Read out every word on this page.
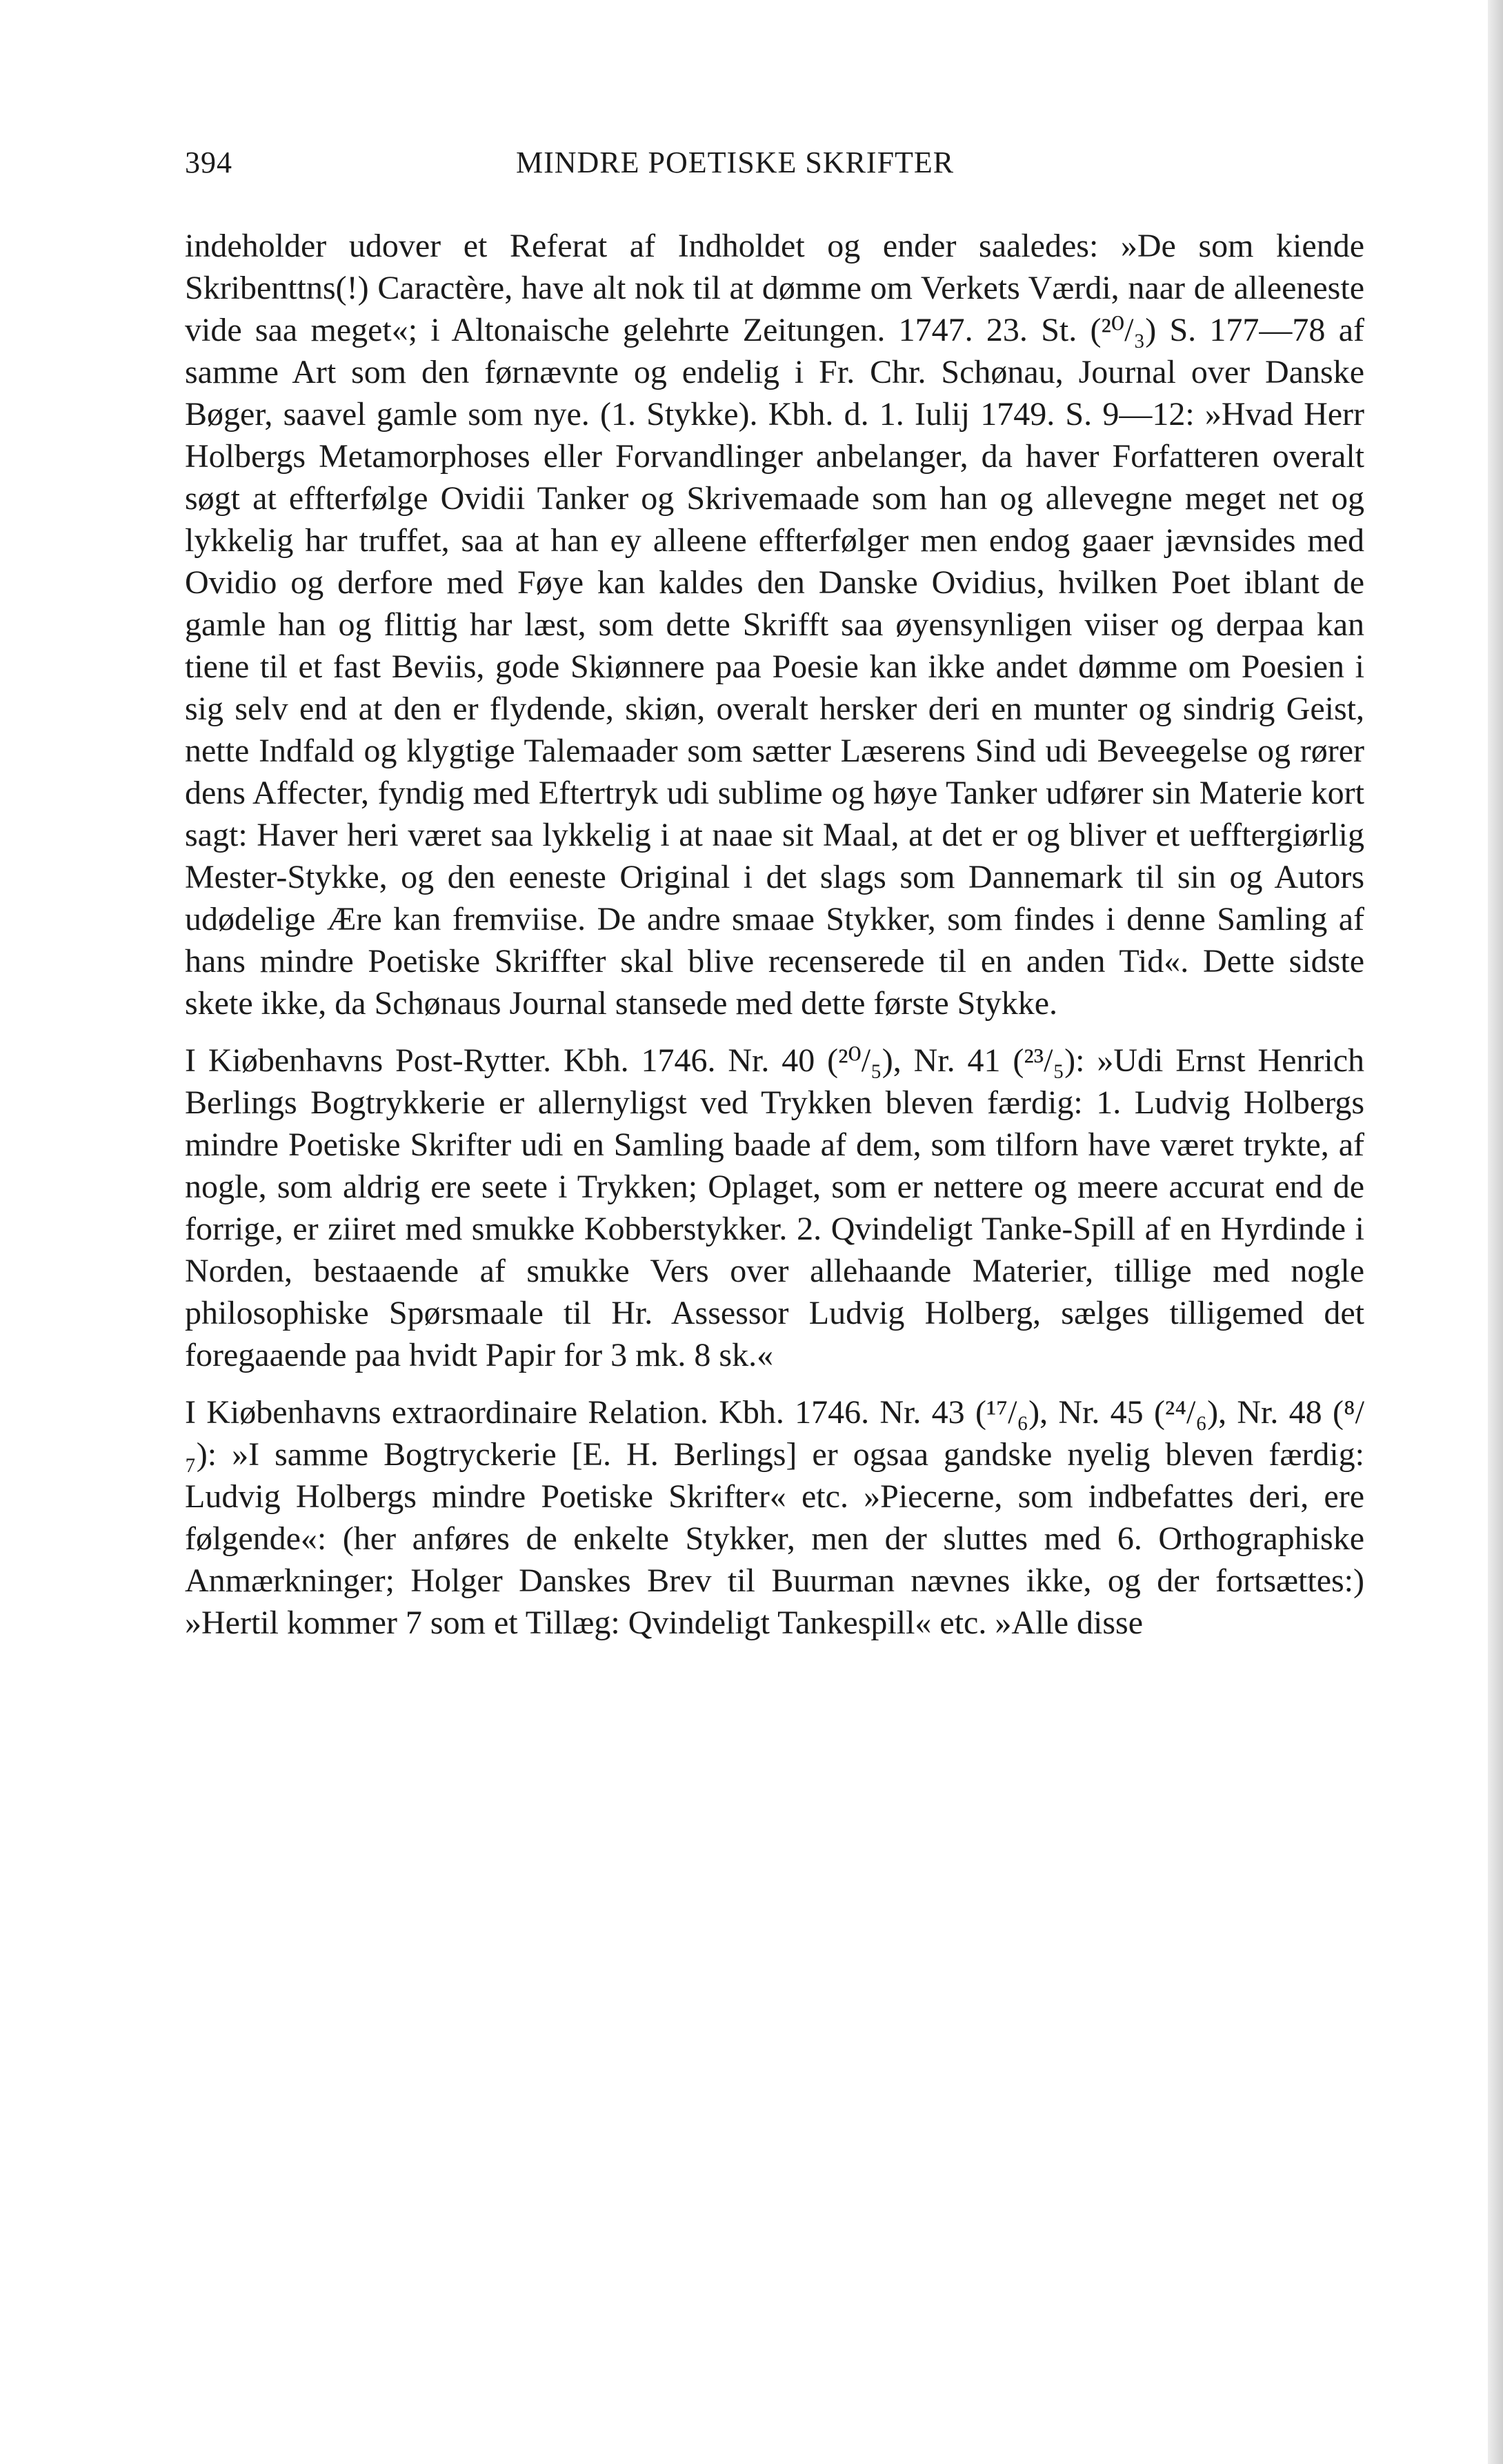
394	MINDRE POETISKE SKRIFTER

indeholder udover et Referat af Indholdet og ender saaledes: »De som kiende Skribenttns(!) Caractère, have alt nok til at dømme om Verkets Værdi, naar de alleeneste vide saa meget«; i Altonaische gelehrte Zeitungen. 1747. 23. St. (²⁰/₃) S. 177—78 af samme Art som den førnævnte og endelig i Fr. Chr. Schønau, Journal over Danske Bøger, saavel gamle som nye. (1. Stykke). Kbh. d. 1. Iulij 1749. S. 9—12: »Hvad Herr Holbergs Metamorphoses eller Forvandlinger anbelanger, da haver Forfatteren overalt søgt at effterfølge Ovidii Tanker og Skrivemaade som han og allevegne meget net og lykkelig har truffet, saa at han ey alleene effterfølger men endog gaaer jævnsides med Ovidio og derfore med Føye kan kaldes den Danske Ovidius, hvilken Poet iblant de gamle han og flittig har læst, som dette Skrifft saa øyensynligen viiser og derpaa kan tiene til et fast Beviis, gode Skiønnere paa Poesie kan ikke andet dømme om Poesien i sig selv end at den er flydende, skiøn, overalt hersker deri en munter og sindrig Geist, nette Indfald og klygtige Talemaader som sætter Læserens Sind udi Beveegelse og rører dens Affecter, fyndig med Eftertryk udi sublime og høye Tanker udfører sin Materie kort sagt: Haver heri været saa lykkelig i at naae sit Maal, at det er og bliver et uefftergiørlig Mester-Stykke, og den eeneste Original i det slags som Dannemark til sin og Autors udødelige Ære kan fremviise. De andre smaae Stykker, som findes i denne Samling af hans mindre Poetiske Skriffter skal blive recenserede til en anden Tid«. Dette sidste skete ikke, da Schønaus Journal stansede med dette første Stykke.

I Kiøbenhavns Post-Rytter. Kbh. 1746. Nr. 40 (²⁰/₅), Nr. 41 (²³/₅): »Udi Ernst Henrich Berlings Bogtrykkerie er allernyligst ved Trykken bleven færdig: 1. Ludvig Holbergs mindre Poetiske Skrifter udi en Samling baade af dem, som tilforn have været trykte, af nogle, som aldrig ere seete i Trykken; Oplaget, som er nettere og meere accurat end de forrige, er ziiret med smukke Kobberstykker. 2. Qvindeligt Tanke-Spill af en Hyrdinde i Norden, bestaaende af smukke Vers over allehaande Materier, tillige med nogle philosophiske Spørsmaale til Hr. Assessor Ludvig Holberg, sælges tilligemed det foregaaende paa hvidt Papir for 3 mk. 8 sk.«

I Kiøbenhavns extraordinaire Relation. Kbh. 1746. Nr. 43 (¹⁷/₆), Nr. 45 (²⁴/₆), Nr. 48 (⁸/₇): »I samme Bogtryckerie [E. H. Berlings] er ogsaa gandske nyelig bleven færdig: Ludvig Holbergs mindre Poetiske Skrifter« etc. »Piecerne, som indbefattes deri, ere følgende«: (her anføres de enkelte Stykker, men der sluttes med 6. Orthographiske Anmærkninger; Holger Danskes Brev til Buurman nævnes ikke, og der fortsættes:) »Hertil kommer 7 som et Tillæg: Qvindeligt Tankespill« etc. »Alle disse
